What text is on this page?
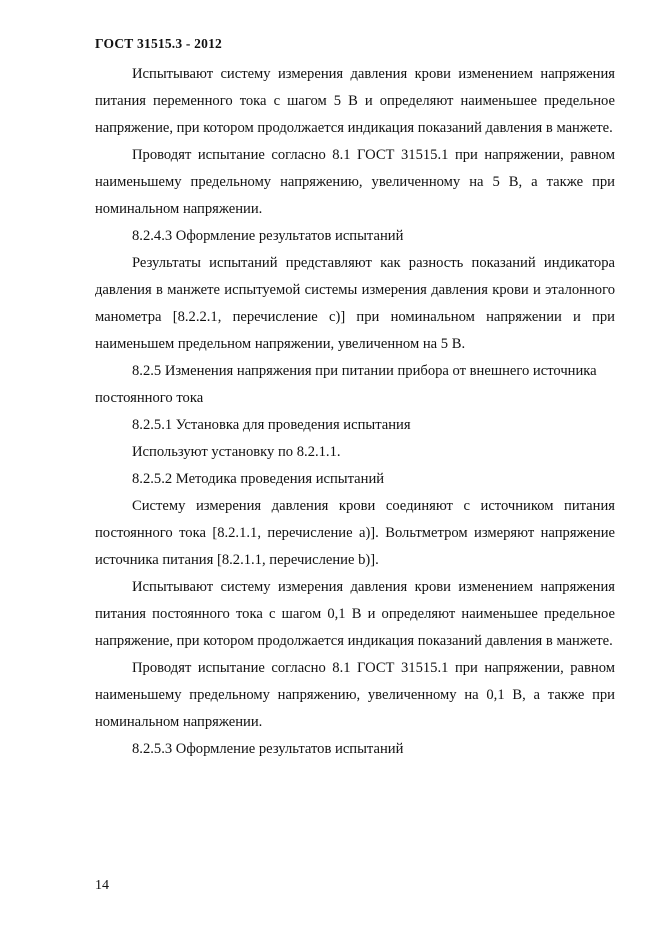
ГОСТ 31515.3 - 2012

Испытывают систему измерения давления крови изменением напряжения питания переменного тока с шагом 5 В и определяют наименьшее предельное напряжение, при котором продолжается индикация показаний давления в манжете.

Проводят испытание согласно 8.1 ГОСТ 31515.1 при напряжении, равном наименьшему предельному напряжению, увеличенному на 5 В, а также при номинальном напряжении.

8.2.4.3 Оформление результатов испытаний

Результаты испытаний представляют как разность показаний индикатора давления в манжете испытуемой системы измерения давления крови и эталонного манометра [8.2.2.1, перечисление c)] при номинальном напряжении и при наименьшем предельном напряжении, увеличенном на 5 В.

8.2.5 Изменения напряжения при питании прибора от внешнего источника постоянного тока

8.2.5.1 Установка для проведения испытания

Используют установку по 8.2.1.1.

8.2.5.2 Методика проведения испытаний

Систему измерения давления крови соединяют с источником питания постоянного тока [8.2.1.1, перечисление a)]. Вольтметром измеряют напряжение источника питания [8.2.1.1, перечисление b)].

Испытывают систему измерения давления крови изменением напряжения питания постоянного тока с шагом 0,1 В и определяют наименьшее предельное напряжение, при котором продолжается индикация показаний давления в манжете.

Проводят испытание согласно 8.1 ГОСТ 31515.1 при напряжении, равном наименьшему предельному напряжению, увеличенному на 0,1 В, а также при номинальном напряжении.

8.2.5.3 Оформление результатов испытаний

14
